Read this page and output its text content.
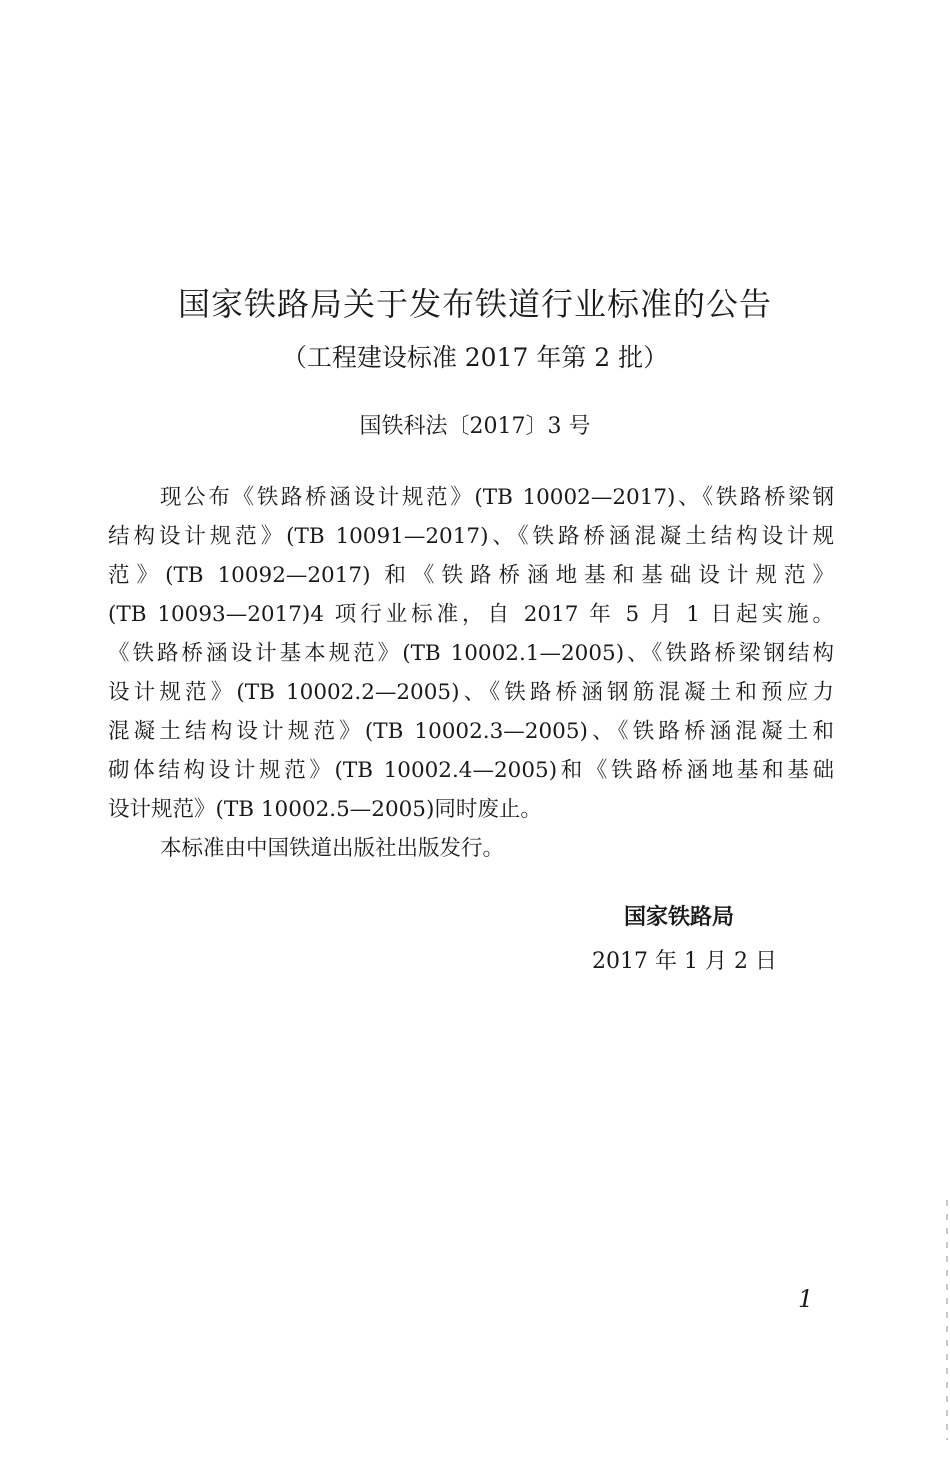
国家铁路局关于发布铁道行业标准的公告
（工程建设标准 2017 年第 2 批）
国铁科法〔2017〕3 号
现公布《铁路桥涵设计规范》(TB 10002—2017)、《铁路桥梁钢
结构设计规范》(TB 10091—2017)、《铁路桥涵混凝土结构设计规
范》(TB 10092—2017) 和《铁路桥涵地基和基础设计规范》
(TB 10093—2017)4 项行业标准，自 2017 年 5 月 1 日起实施。
《铁路桥涵设计基本规范》(TB 10002.1—2005)、《铁路桥梁钢结构
设计规范》(TB 10002.2—2005)、《铁路桥涵钢筋混凝土和预应力
混凝土结构设计规范》(TB 10002.3—2005)、《铁路桥涵混凝土和
砌体结构设计规范》(TB 10002.4—2005)和《铁路桥涵地基和基础
设计规范》(TB 10002.5—2005)同时废止。
本标准由中国铁道出版社出版发行。
国家铁路局
2017 年 1 月 2 日
1
